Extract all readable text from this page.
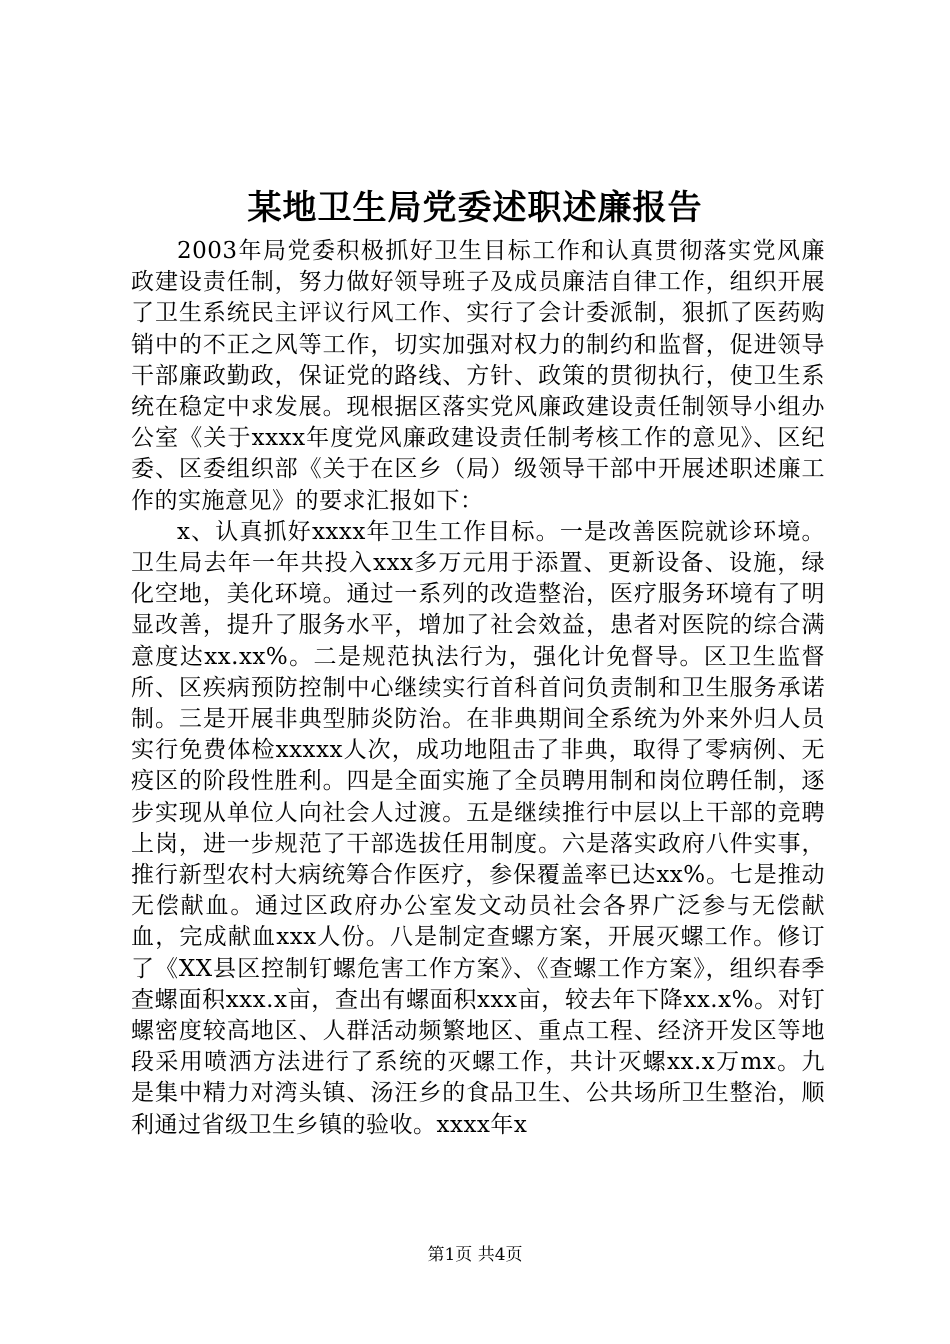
某地卫生局党委述职述廉报告

2003年局党委积极抓好卫生目标工作和认真贯彻落实党风廉政建设责任制，努力做好领导班子及成员廉洁自律工作，组织开展了卫生系统民主评议行风工作、实行了会计委派制，狠抓了医药购销中的不正之风等工作，切实加强对权力的制约和监督，促进领导干部廉政勤政，保证党的路线、方针、政策的贯彻执行，使卫生系统在稳定中求发展。现根据区落实党风廉政建设责任制领导小组办公室《关于xxxx年度党风廉政建设责任制考核工作的意见》、区纪委、区委组织部《关于在区乡（局）级领导干部中开展述职述廉工作的实施意见》的要求汇报如下：

x、认真抓好xxxx年卫生工作目标。一是改善医院就诊环境。卫生局去年一年共投入xxx多万元用于添置、更新设备、设施，绿化空地，美化环境。通过一系列的改造整治，医疗服务环境有了明显改善，提升了服务水平，增加了社会效益，患者对医院的综合满意度达xx.xx%。二是规范执法行为，强化计免督导。区卫生监督所、区疾病预防控制中心继续实行首科首问负责制和卫生服务承诺制。三是开展非典型肺炎防治。在非典期间全系统为外来外归人员实行免费体检xxxxx人次，成功地阻击了非典，取得了零病例、无疫区的阶段性胜利。四是全面实施了全员聘用制和岗位聘任制，逐步实现从单位人向社会人过渡。五是继续推行中层以上干部的竞聘上岗，进一步规范了干部选拔任用制度。六是落实政府八件实事，推行新型农村大病统筹合作医疗，参保覆盖率已达xx%。七是推动无偿献血。通过区政府办公室发文动员社会各界广泛参与无偿献血，完成献血xxx人份。八是制定查螺方案，开展灭螺工作。修订了《XX县区控制钉螺危害工作方案》、《查螺工作方案》，组织春季查螺面积xxx.x亩，查出有螺面积xxx亩，较去年下降xx.x%。对钉螺密度较高地区、人群活动频繁地区、重点工程、经济开发区等地段采用喷洒方法进行了系统的灭螺工作，共计灭螺xx.x万mx。九是集中精力对湾头镇、汤汪乡的食品卫生、公共场所卫生整治，顺利通过省级卫生乡镇的验收。xxxx年x

第1页 共4页
